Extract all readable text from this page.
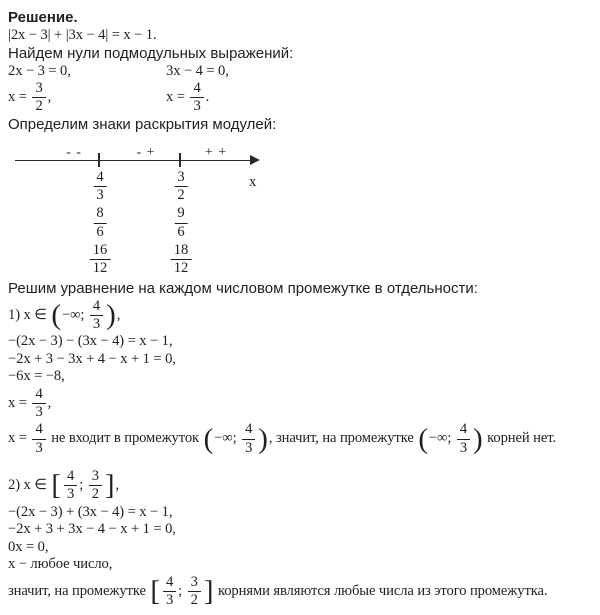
Решение.
|2x − 3| + |3x − 4| = x − 1.
Найдем нули подмодульных выражений:
2x − 3 = 0,	3x − 4 = 0,
$x = \frac{3}{2}$ ,	$x = \frac{4}{3}$ .
Определим знаки раскрытия модулей:
- -	- +	+ +
$\frac{4}{3}$
$\frac{8}{6}$
$\frac{16}{12}$
$\frac{3}{2}$
$\frac{9}{6}$
$\frac{18}{12}$
x
Решим уравнение на каждом числовом промежутке в отдельности:
1) x ∈ (−∞; $\frac{4}{3}$ ),
−(2x − 3) − (3x − 4) = x − 1,
−2x + 3 − 3x + 4 − x + 1 = 0,
−6x = −8,
$x = \frac{4}{3}$ ,
$x = \frac{4}{3}$ не входит в промежуток (−∞; $\frac{4}{3}$ ), значит, на промежутке (−∞; $\frac{4}{3}$ ) корней нет.
2) x ∈ [ $\frac{4}{3}$ ; $\frac{3}{2}$ ],
−(2x − 3) + (3x − 4) = x − 1,
−2x + 3 + 3x − 4 − x + 1 = 0,
0x = 0,
x − любое число,
значит, на промежутке [ $\frac{4}{3}$ ; $\frac{3}{2}$ ] корнями являются любые числа из этого промежутка.
